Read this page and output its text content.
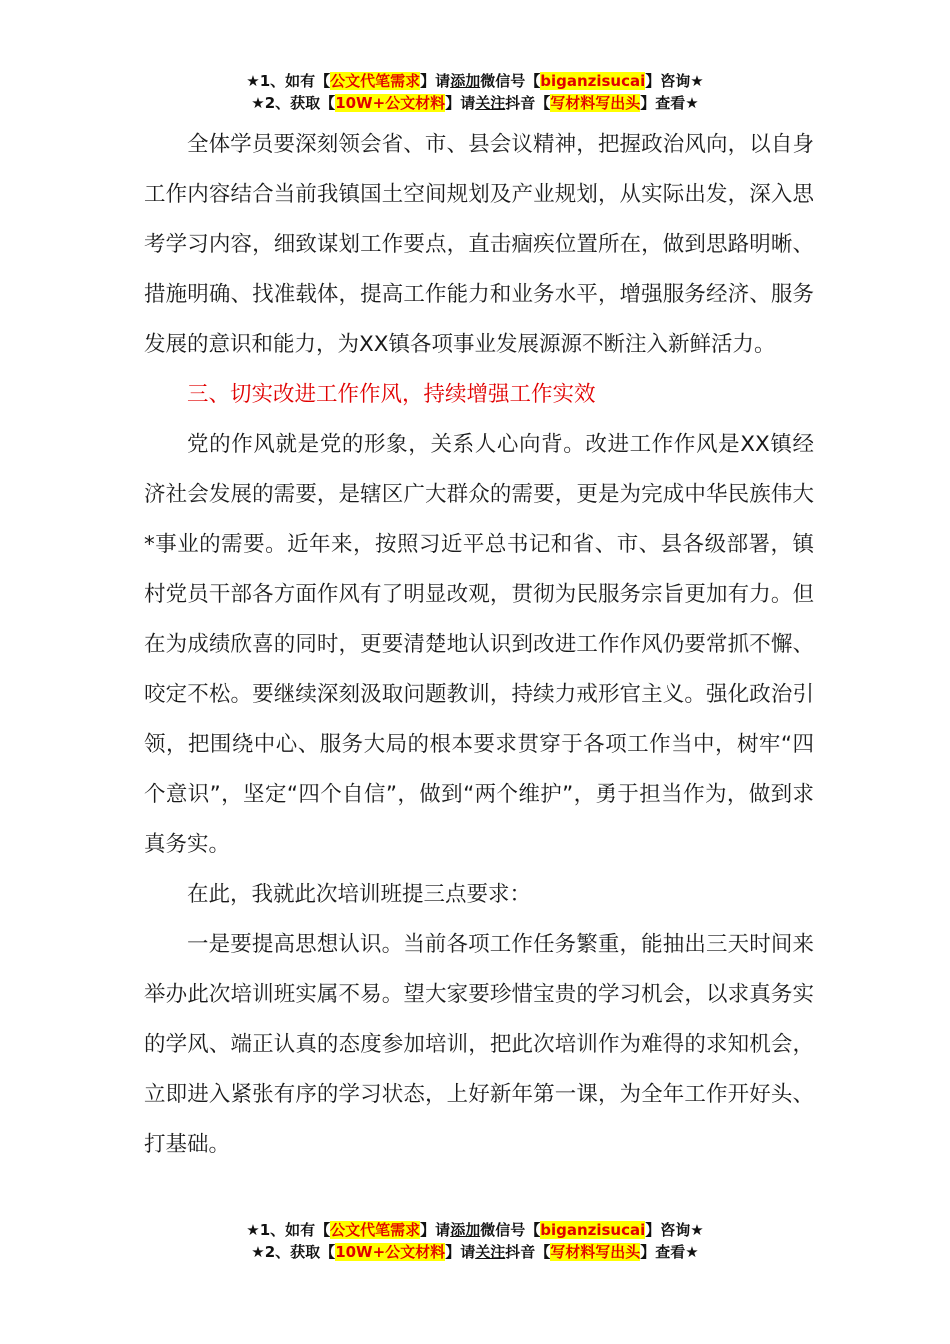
★1、如有【公文代笔需求】请添加微信号【biganzisucai】咨询★
★2、获取【10W+公文材料】请关注抖音【写材料写出头】查看★

全体学员要深刻领会省、市、县会议精神，把握政治风向，以自身工作内容结合当前我镇国土空间规划及产业规划，从实际出发，深入思考学习内容，细致谋划工作要点，直击痼疾位置所在，做到思路明晰、措施明确、找准载体，提高工作能力和业务水平，增强服务经济、服务发展的意识和能力，为XX镇各项事业发展源源不断注入新鲜活力。

三、切实改进工作作风，持续增强工作实效

党的作风就是党的形象，关系人心向背。改进工作作风是XX镇经济社会发展的需要，是辖区广大群众的需要，更是为完成中华民族伟大*事业的需要。近年来，按照习近平总书记和省、市、县各级部署，镇村党员干部各方面作风有了明显改观，贯彻为民服务宗旨更加有力。但在为成绩欣喜的同时，更要清楚地认识到改进工作作风仍要常抓不懈、咬定不松。要继续深刻汲取问题教训，持续力戒形官主义。强化政治引领，把围绕中心、服务大局的根本要求贯穿于各项工作当中，树牢“四个意识”，坚定“四个自信”，做到“两个维护”，勇于担当作为，做到求真务实。

在此，我就此次培训班提三点要求：

一是要提高思想认识。当前各项工作任务繁重，能抽出三天时间来举办此次培训班实属不易。望大家要珍惜宝贵的学习机会，以求真务实的学风、端正认真的态度参加培训，把此次培训作为难得的求知机会，立即进入紧张有序的学习状态，上好新年第一课，为全年工作开好头、打基础。

★1、如有【公文代笔需求】请添加微信号【biganzisucai】咨询★
★2、获取【10W+公文材料】请关注抖音【写材料写出头】查看★
